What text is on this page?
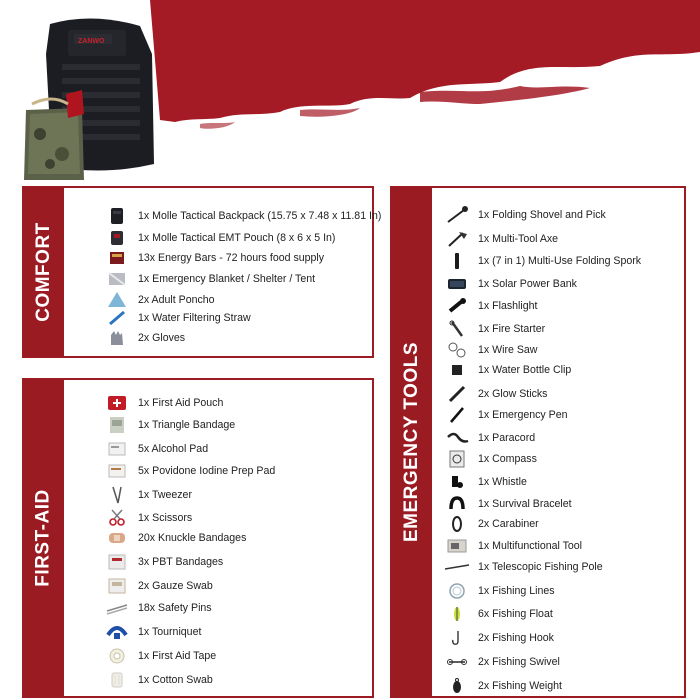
ZANWO
COMFORT
1x Molle Tactical Backpack (15.75 x 7.48 x 11.81 In)
1x Molle Tactical EMT Pouch (8 x 6 x 5 In)
13x Energy Bars - 72 hours food supply
1x Emergency Blanket / Shelter / Tent
2x Adult Poncho
1x Water Filtering Straw
2x Gloves
FIRST-AID
1x First Aid Pouch
1x Triangle Bandage
5x Alcohol Pad
5x Povidone Iodine Prep Pad
1x Tweezer
1x Scissors
20x Knuckle Bandages
3x PBT Bandages
2x Gauze Swab
18x Safety Pins
1x Tourniquet
1x First Aid Tape
1x Cotton Swab
EMERGENCY TOOLS
1x Folding Shovel and Pick
1x Multi-Tool Axe
1x (7 in 1) Multi-Use Folding Spork
1x Solar Power Bank
1x Flashlight
1x Fire Starter
1x Wire Saw
1x Water Bottle Clip
2x Glow Sticks
1x Emergency Pen
1x Paracord
1x Compass
1x Whistle
1x Survival Bracelet
2x Carabiner
1x Multifunctional Tool
1x Telescopic Fishing Pole
1x Fishing Lines
6x Fishing Float
2x Fishing Hook
2x Fishing Swivel
2x Fishing Weight
